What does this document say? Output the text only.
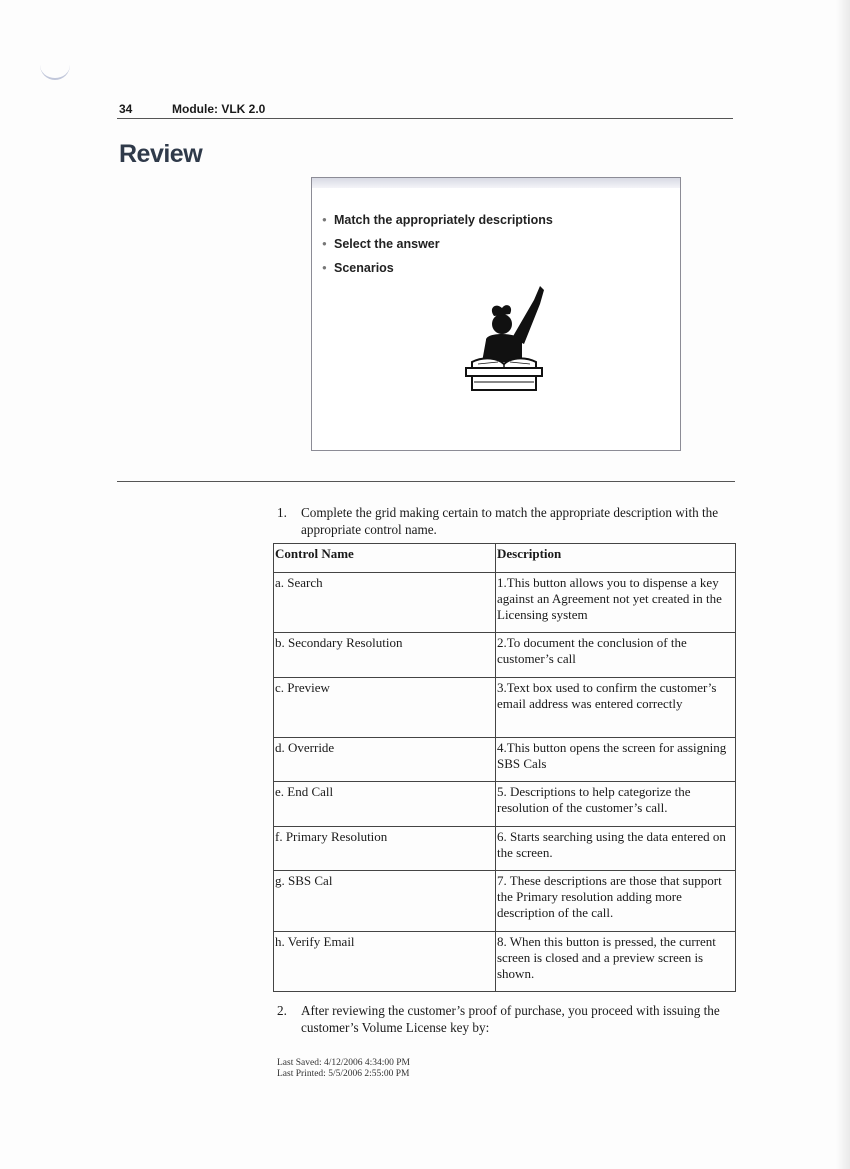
34	Module: VLK 2.0
Review
● Match the appropriately descriptions
● Select the answer
● Scenarios
1. Complete the grid making certain to match the appropriate description with the appropriate control name.
Control Name	Description
a. Search	1.This button allows you to dispense a key against an Agreement not yet created in the Licensing system
b. Secondary Resolution	2.To document the conclusion of the customer’s call
c. Preview	3.Text box used to confirm the customer’s email address was entered correctly
d. Override	4.This button opens the screen for assigning SBS Cals
e. End Call	5. Descriptions to help categorize the resolution of the customer’s call.
f. Primary Resolution	6. Starts searching using the data entered on the screen.
g. SBS Cal	7. These descriptions are those that support the Primary resolution adding more description of the call.
h. Verify Email	8. When this button is pressed, the current screen is closed and a preview screen is shown.
2. After reviewing the customer’s proof of purchase, you proceed with issuing the customer’s Volume License key by:
Last Saved: 4/12/2006 4:34:00 PM
Last Printed: 5/5/2006 2:55:00 PM
